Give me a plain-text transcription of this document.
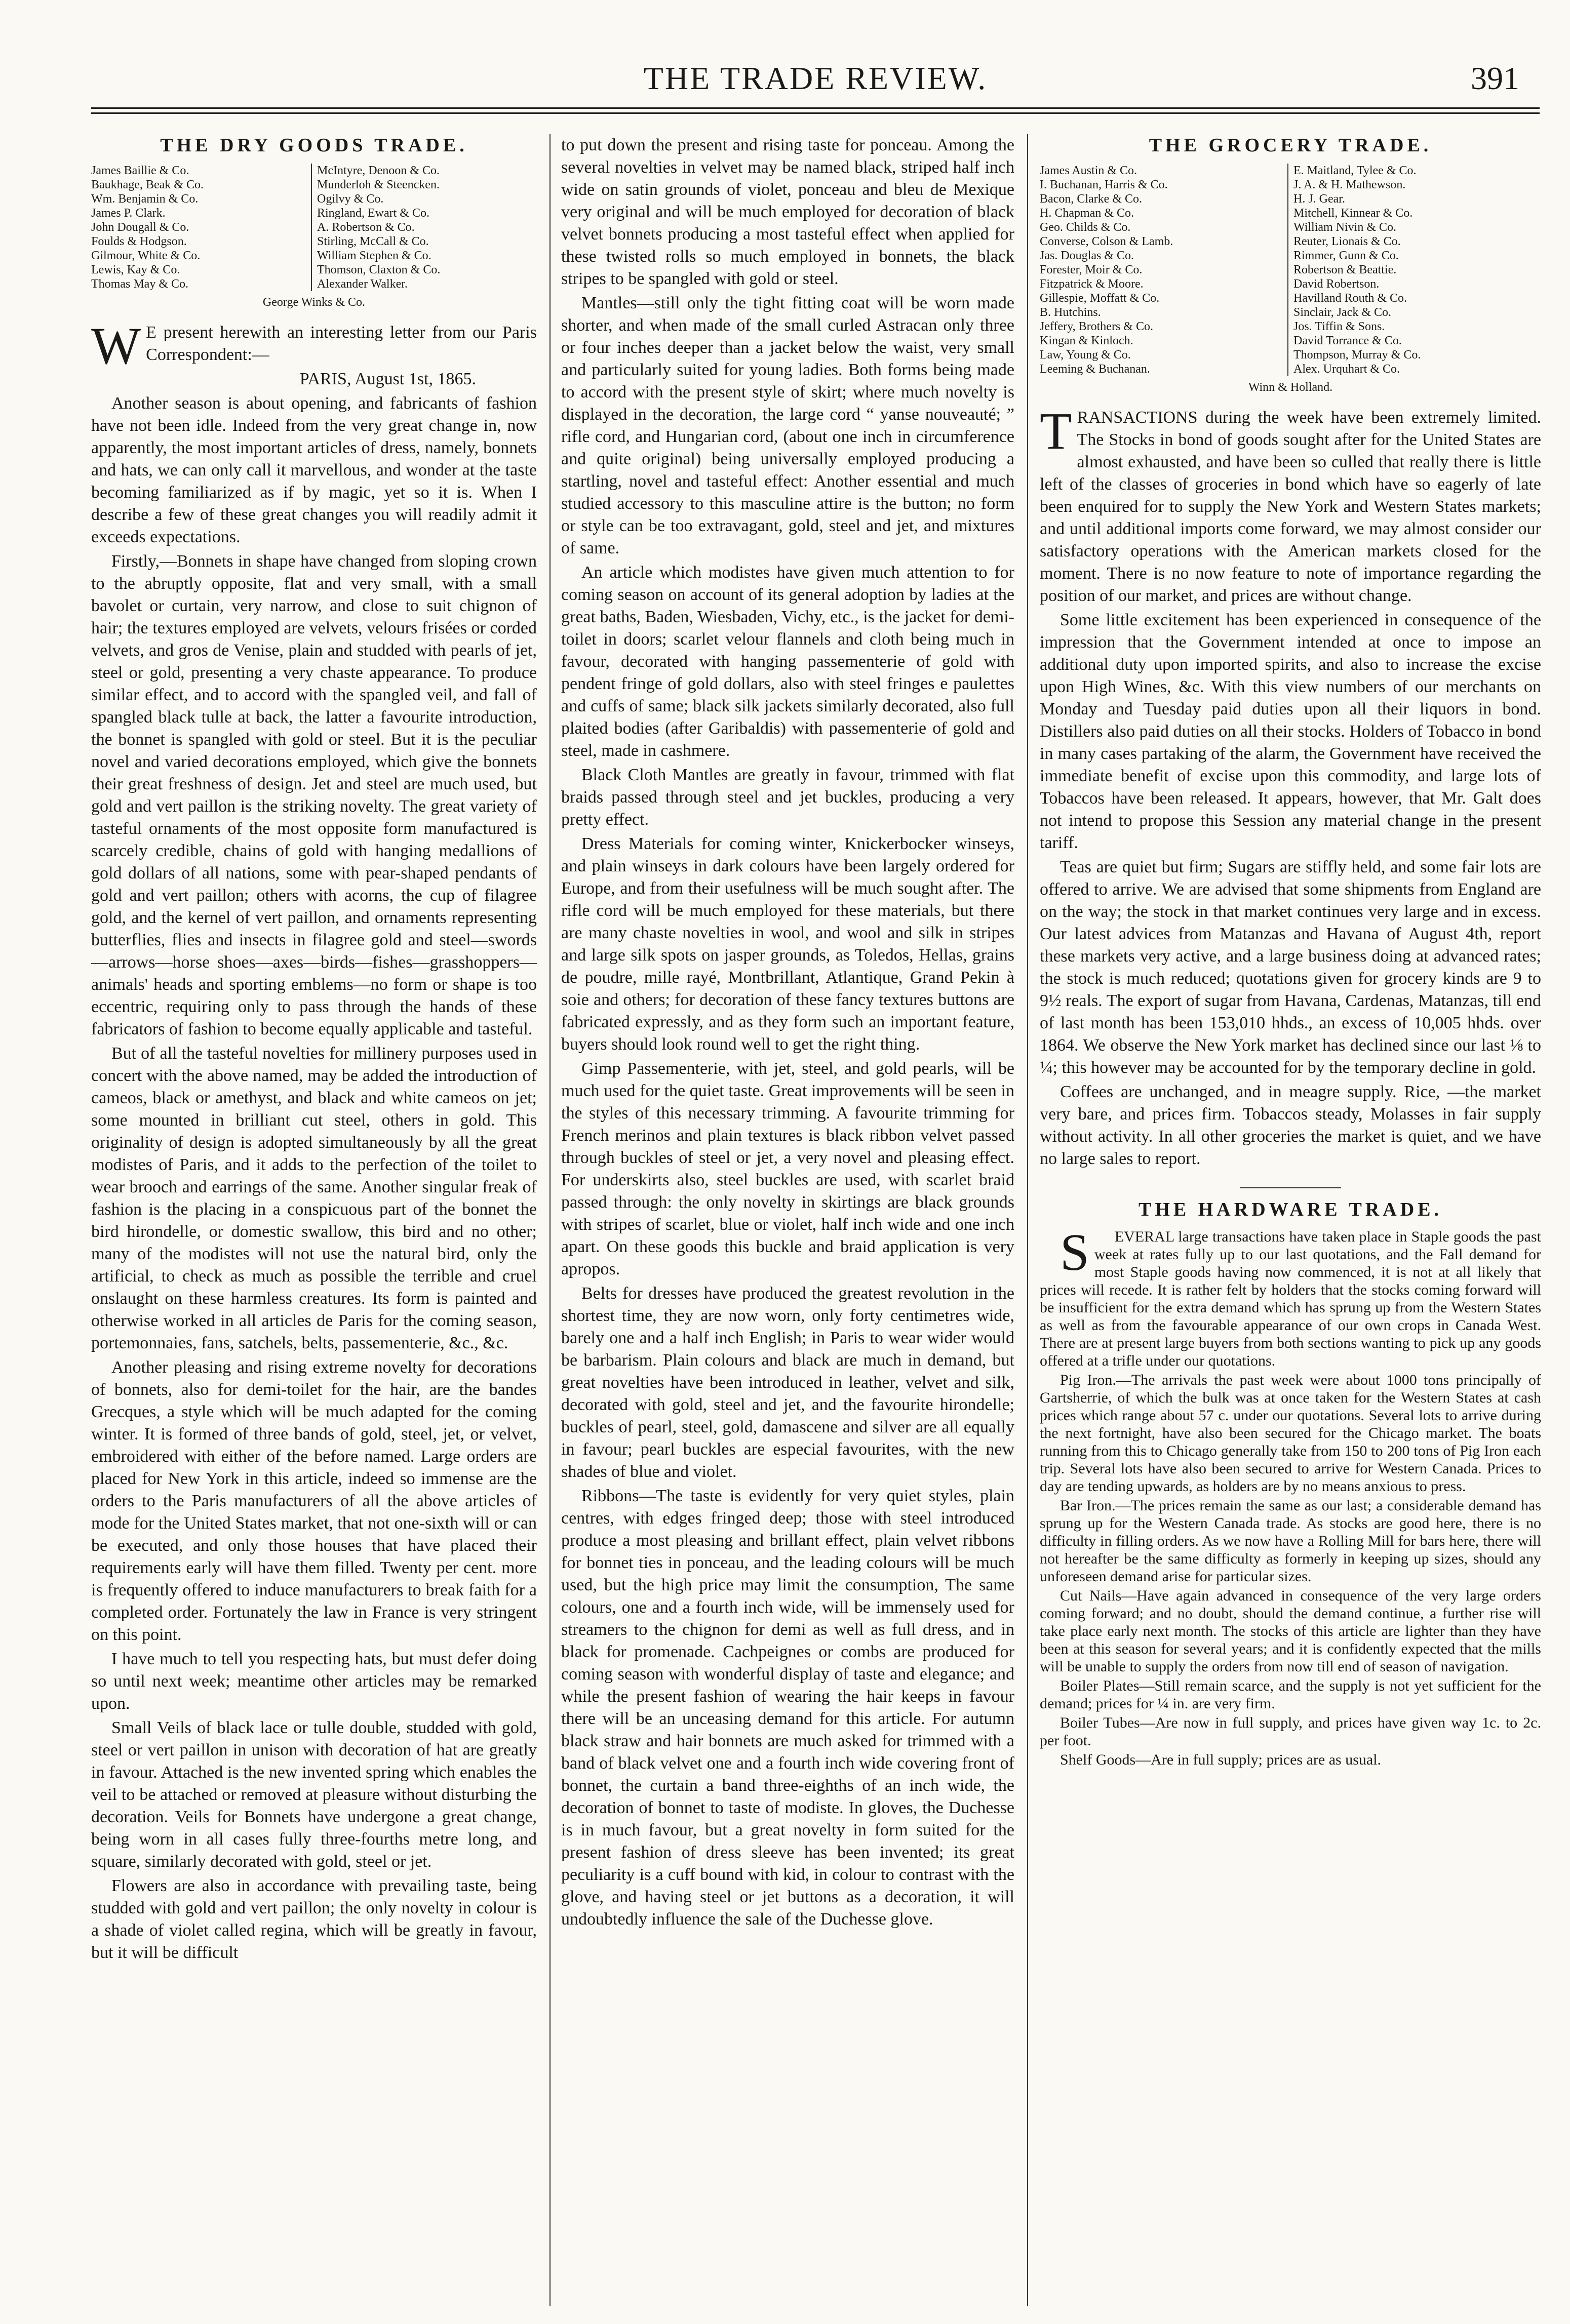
THE TRADE REVIEW.	391
THE DRY GOODS TRADE.
James Baillie & Co.
Baukhage, Beak & Co.
Wm. Benjamin & Co.
James P. Clark.
John Dougall & Co.
Foulds & Hodgson.
Gilmour, White & Co.
Lewis, Kay & Co.
Thomas May & Co.
McIntyre, Denoon & Co.
Munderloh & Steencken.
Ogilvy & Co.
Ringland, Ewart & Co.
A. Robertson & Co.
Stirling, McCall & Co.
William Stephen & Co.
Thomson, Claxton & Co.
Alexander Walker.
George Winks & Co.

WE present herewith an interesting letter from our Paris Correspondent:—

PARIS, August 1st, 1865.

Another season is about opening, and fabricants of fashion have not been idle. Indeed from the very great change in, now apparently, the most important articles of dress, namely, bonnets and hats, we can only call it marvellous, and wonder at the taste becoming familiarized as if by magic, yet so it is. When I describe a few of these great changes you will readily admit it exceeds expectations.

Firstly,—Bonnets in shape have changed from sloping crown to the abruptly opposite, flat and very small, with a small bavolet or curtain, very narrow, and close to suit chignon of hair; the textures employed are velvets, velours frisées or corded velvets, and gros de Venise, plain and studded with pearls of jet, steel or gold, presenting a very chaste appearance. To produce similar effect, and to accord with the spangled veil, and fall of spangled black tulle at back, the latter a favourite introduction, the bonnet is spangled with gold or steel. But it is the peculiar novel and varied decorations employed, which give the bonnets their great freshness of design. Jet and steel are much used, but gold and vert paillon is the striking novelty. The great variety of tasteful ornaments of the most opposite form manufactured is scarcely credible, chains of gold with hanging medallions of gold dollars of all nations, some with pear-shaped pendants of gold and vert paillon; others with acorns, the cup of filagree gold, and the kernel of vert paillon, and ornaments representing butterflies, flies and insects in filagree gold and steel—swords—arrows—horse shoes—axes—birds—fishes—grasshoppers—animals' heads and sporting emblems—no form or shape is too eccentric, requiring only to pass through the hands of these fabricators of fashion to become equally applicable and tasteful.

But of all the tasteful novelties for millinery purposes used in concert with the above named, may be added the introduction of cameos, black or amethyst, and black and white cameos on jet; some mounted in brilliant cut steel, others in gold. This originality of design is adopted simultaneously by all the great modistes of Paris, and it adds to the perfection of the toilet to wear brooch and earrings of the same. Another singular freak of fashion is the placing in a conspicuous part of the bonnet the bird hirondelle, or domestic swallow, this bird and no other; many of the modistes will not use the natural bird, only the artificial, to check as much as possible the terrible and cruel onslaught on these harmless creatures. Its form is painted and otherwise worked in all articles de Paris for the coming season, portemonnaies, fans, satchels, belts, passementerie, &c., &c.

Another pleasing and rising extreme novelty for decorations of bonnets, also for demi-toilet for the hair, are the bandes Grecques, a style which will be much adapted for the coming winter. It is formed of three bands of gold, steel, jet, or velvet, embroidered with either of the before named. Large orders are placed for New York in this article, indeed so immense are the orders to the Paris manufacturers of all the above articles of mode for the United States market, that not one-sixth will or can be executed, and only those houses that have placed their requirements early will have them filled. Twenty per cent. more is frequently offered to induce manufacturers to break faith for a completed order. Fortunately the law in France is very stringent on this point.

I have much to tell you respecting hats, but must defer doing so until next week; meantime other articles may be remarked upon.

Small Veils of black lace or tulle double, studded with gold, steel or vert paillon in unison with decoration of hat are greatly in favour. Attached is the new invented spring which enables the veil to be attached or removed at pleasure without disturbing the decoration. Veils for Bonnets have undergone a great change, being worn in all cases fully three-fourths metre long, and square, similarly decorated with gold, steel or jet.

Flowers are also in accordance with prevailing taste, being studded with gold and vert paillon; the only novelty in colour is a shade of violet called regina, which will be greatly in favour, but it will be difficult

to put down the present and rising taste for ponceau. Among the several novelties in velvet may be named black, striped half inch wide on satin grounds of violet, ponceau and bleu de Mexique very original and will be much employed for decoration of black velvet bonnets producing a most tasteful effect when applied for these twisted rolls so much employed in bonnets, the black stripes to be spangled with gold or steel.

Mantles—still only the tight fitting coat will be worn made shorter, and when made of the small curled Astracan only three or four inches deeper than a jacket below the waist, very small and particularly suited for young ladies. Both forms being made to accord with the present style of skirt; where much novelty is displayed in the decoration, the large cord “ yanse nouveauté; ” rifle cord, and Hungarian cord, (about one inch in circumference and quite original) being universally employed producing a startling, novel and tasteful effect: Another essential and much studied accessory to this masculine attire is the button; no form or style can be too extravagant, gold, steel and jet, and mixtures of same.

An article which modistes have given much attention to for coming season on account of its general adoption by ladies at the great baths, Baden, Wiesbaden, Vichy, etc., is the jacket for demi-toilet in doors; scarlet velour flannels and cloth being much in favour, decorated with hanging passementerie of gold with pendent fringe of gold dollars, also with steel fringes e paulettes and cuffs of same; black silk jackets similarly decorated, also full plaited bodies (after Garibaldis) with passementerie of gold and steel, made in cashmere.

Black Cloth Mantles are greatly in favour, trimmed with flat braids passed through steel and jet buckles, producing a very pretty effect.

Dress Materials for coming winter, Knickerbocker winseys, and plain winseys in dark colours have been largely ordered for Europe, and from their usefulness will be much sought after. The rifle cord will be much employed for these materials, but there are many chaste novelties in wool, and wool and silk in stripes and large silk spots on jasper grounds, as Toledos, Hellas, grains de poudre, mille rayé, Montbrillant, Atlantique, Grand Pekin à soie and others; for decoration of these fancy textures buttons are fabricated expressly, and as they form such an important feature, buyers should look round well to get the right thing.

Gimp Passementerie, with jet, steel, and gold pearls, will be much used for the quiet taste. Great improvements will be seen in the styles of this necessary trimming. A favourite trimming for French merinos and plain textures is black ribbon velvet passed through buckles of steel or jet, a very novel and pleasing effect. For underskirts also, steel buckles are used, with scarlet braid passed through: the only novelty in skirtings are black grounds with stripes of scarlet, blue or violet, half inch wide and one inch apart. On these goods this buckle and braid application is very apropos.

Belts for dresses have produced the greatest revolution in the shortest time, they are now worn, only forty centimetres wide, barely one and a half inch English; in Paris to wear wider would be barbarism. Plain colours and black are much in demand, but great novelties have been introduced in leather, velvet and silk, decorated with gold, steel and jet, and the favourite hirondelle; buckles of pearl, steel, gold, damascene and silver are all equally in favour; pearl buckles are especial favourites, with the new shades of blue and violet.

Ribbons—The taste is evidently for very quiet styles, plain centres, with edges fringed deep; those with steel introduced produce a most pleasing and brillant effect, plain velvet ribbons for bonnet ties in ponceau, and the leading colours will be much used, but the high price may limit the consumption, The same colours, one and a fourth inch wide, will be immensely used for streamers to the chignon for demi as well as full dress, and in black for promenade. Cachpeignes or combs are produced for coming season with wonderful display of taste and elegance; and while the present fashion of wearing the hair keeps in favour there will be an unceasing demand for this article. For autumn black straw and hair bonnets are much asked for trimmed with a band of black velvet one and a fourth inch wide covering front of bonnet, the curtain a band three-eighths of an inch wide, the decoration of bonnet to taste of modiste. In gloves, the Duchesse is in much favour, but a great novelty in form suited for the present fashion of dress sleeve has been invented; its great peculiarity is a cuff bound with kid, in colour to contrast with the glove, and having steel or jet buttons as a decoration, it will undoubtedly influence the sale of the Duchesse glove.

THE GROCERY TRADE.
James Austin & Co.
I. Buchanan, Harris & Co.
Bacon, Clarke & Co.
H. Chapman & Co.
Geo. Childs & Co.
Converse, Colson & Lamb.
Jas. Douglas & Co.
Forester, Moir & Co.
Fitzpatrick & Moore.
Gillespie, Moffatt & Co.
B. Hutchins.
Jeffery, Brothers & Co.
Kingan & Kinloch.
Law, Young & Co.
Leeming & Buchanan.
E. Maitland, Tylee & Co.
J. A. & H. Mathewson.
H. J. Gear.
Mitchell, Kinnear & Co.
William Nivin & Co.
Reuter, Lionais & Co.
Rimmer, Gunn & Co.
Robertson & Beattie.
David Robertson.
Havilland Routh & Co.
Sinclair, Jack & Co.
Jos. Tiffin & Sons.
David Torrance & Co.
Thompson, Murray & Co.
Alex. Urquhart & Co.
Winn & Holland.

TRANSACTIONS during the week have been extremely limited. The Stocks in bond of goods sought after for the United States are almost exhausted, and have been so culled that really there is little left of the classes of groceries in bond which have so eagerly of late been enquired for to supply the New York and Western States markets; and until additional imports come forward, we may almost consider our satisfactory operations with the American markets closed for the moment. There is no now feature to note of importance regarding the position of our market, and prices are without change.

Some little excitement has been experienced in consequence of the impression that the Government intended at once to impose an additional duty upon imported spirits, and also to increase the excise upon High Wines, &c. With this view numbers of our merchants on Monday and Tuesday paid duties upon all their liquors in bond. Distillers also paid duties on all their stocks. Holders of Tobacco in bond in many cases partaking of the alarm, the Government have received the immediate benefit of excise upon this commodity, and large lots of Tobaccos have been released. It appears, however, that Mr. Galt does not intend to propose this Session any material change in the present tariff.

Teas are quiet but firm; Sugars are stiffly held, and some fair lots are offered to arrive. We are advised that some shipments from England are on the way; the stock in that market continues very large and in excess. Our latest advices from Matanzas and Havana of August 4th, report these markets very active, and a large business doing at advanced rates; the stock is much reduced; quotations given for grocery kinds are 9 to 9½ reals. The export of sugar from Havana, Cardenas, Matanzas, till end of last month has been 153,010 hhds., an excess of 10,005 hhds. over 1864. We observe the New York market has declined since our last ⅛ to ¼; this however may be accounted for by the temporary decline in gold.

Coffees are unchanged, and in meagre supply. Rice, —the market very bare, and prices firm. Tobaccos steady, Molasses in fair supply without activity. In all other groceries the market is quiet, and we have no large sales to report.

THE HARDWARE TRADE.

SEVERAL large transactions have taken place in Staple goods the past week at rates fully up to our last quotations, and the Fall demand for most Staple goods having now commenced, it is not at all likely that prices will recede. It is rather felt by holders that the stocks coming forward will be insufficient for the extra demand which has sprung up from the Western States as well as from the favourable appearance of our own crops in Canada West. There are at present large buyers from both sections wanting to pick up any goods offered at a trifle under our quotations.

Pig Iron.—The arrivals the past week were about 1000 tons principally of Gartsherrie, of which the bulk was at once taken for the Western States at cash prices which range about 57 c. under our quotations. Several lots to arrive during the next fortnight, have also been secured for the Chicago market. The boats running from this to Chicago generally take from 150 to 200 tons of Pig Iron each trip. Several lots have also been secured to arrive for Western Canada. Prices to day are tending upwards, as holders are by no means anxious to press.

Bar Iron.—The prices remain the same as our last; a considerable demand has sprung up for the Western Canada trade. As stocks are good here, there is no difficulty in filling orders. As we now have a Rolling Mill for bars here, there will not hereafter be the same difficulty as formerly in keeping up sizes, should any unforeseen demand arise for particular sizes.

Cut Nails—Have again advanced in consequence of the very large orders coming forward; and no doubt, should the demand continue, a further rise will take place early next month. The stocks of this article are lighter than they have been at this season for several years; and it is confidently expected that the mills will be unable to supply the orders from now till end of season of navigation.

Boiler Plates—Still remain scarce, and the supply is not yet sufficient for the demand; prices for ¼ in. are very firm.

Boiler Tubes—Are now in full supply, and prices have given way 1c. to 2c. per foot.

Shelf Goods—Are in full supply; prices are as usual.
